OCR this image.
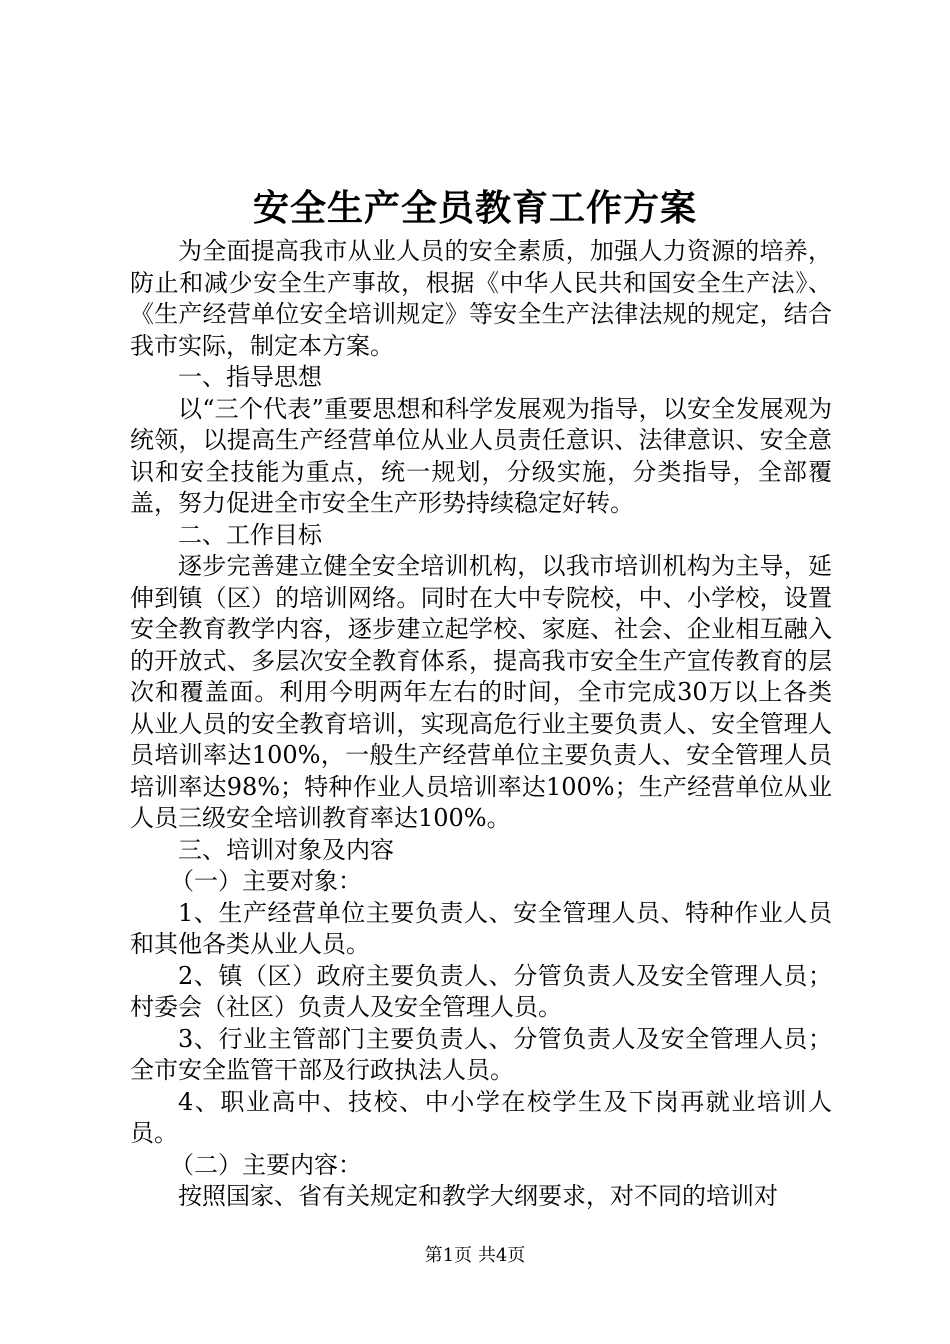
安全生产全员教育工作方案

为全面提高我市从业人员的安全素质，加强人力资源的培养，防止和减少安全生产事故，根据《中华人民共和国安全生产法》、《生产经营单位安全培训规定》等安全生产法律法规的规定，结合我市实际，制定本方案。

一、指导思想

以“三个代表”重要思想和科学发展观为指导，以安全发展观为统领，以提高生产经营单位从业人员责任意识、法律意识、安全意识和安全技能为重点，统一规划，分级实施，分类指导，全部覆盖，努力促进全市安全生产形势持续稳定好转。

二、工作目标

逐步完善建立健全安全培训机构，以我市培训机构为主导，延伸到镇（区）的培训网络。同时在大中专院校，中、小学校，设置安全教育教学内容，逐步建立起学校、家庭、社会、企业相互融入的开放式、多层次安全教育体系，提高我市安全生产宣传教育的层次和覆盖面。利用今明两年左右的时间，全市完成30万以上各类从业人员的安全教育培训，实现高危行业主要负责人、安全管理人员培训率达100%，一般生产经营单位主要负责人、安全管理人员培训率达98%；特种作业人员培训率达100%；生产经营单位从业人员三级安全培训教育率达100%。

三、培训对象及内容

（一）主要对象：

1、生产经营单位主要负责人、安全管理人员、特种作业人员和其他各类从业人员。

2、镇（区）政府主要负责人、分管负责人及安全管理人员；村委会（社区）负责人及安全管理人员。

3、行业主管部门主要负责人、分管负责人及安全管理人员；全市安全监管干部及行政执法人员。

4、职业高中、技校、中小学在校学生及下岗再就业培训人员。

（二）主要内容：

按照国家、省有关规定和教学大纲要求，对不同的培训对

第1页 共4页
